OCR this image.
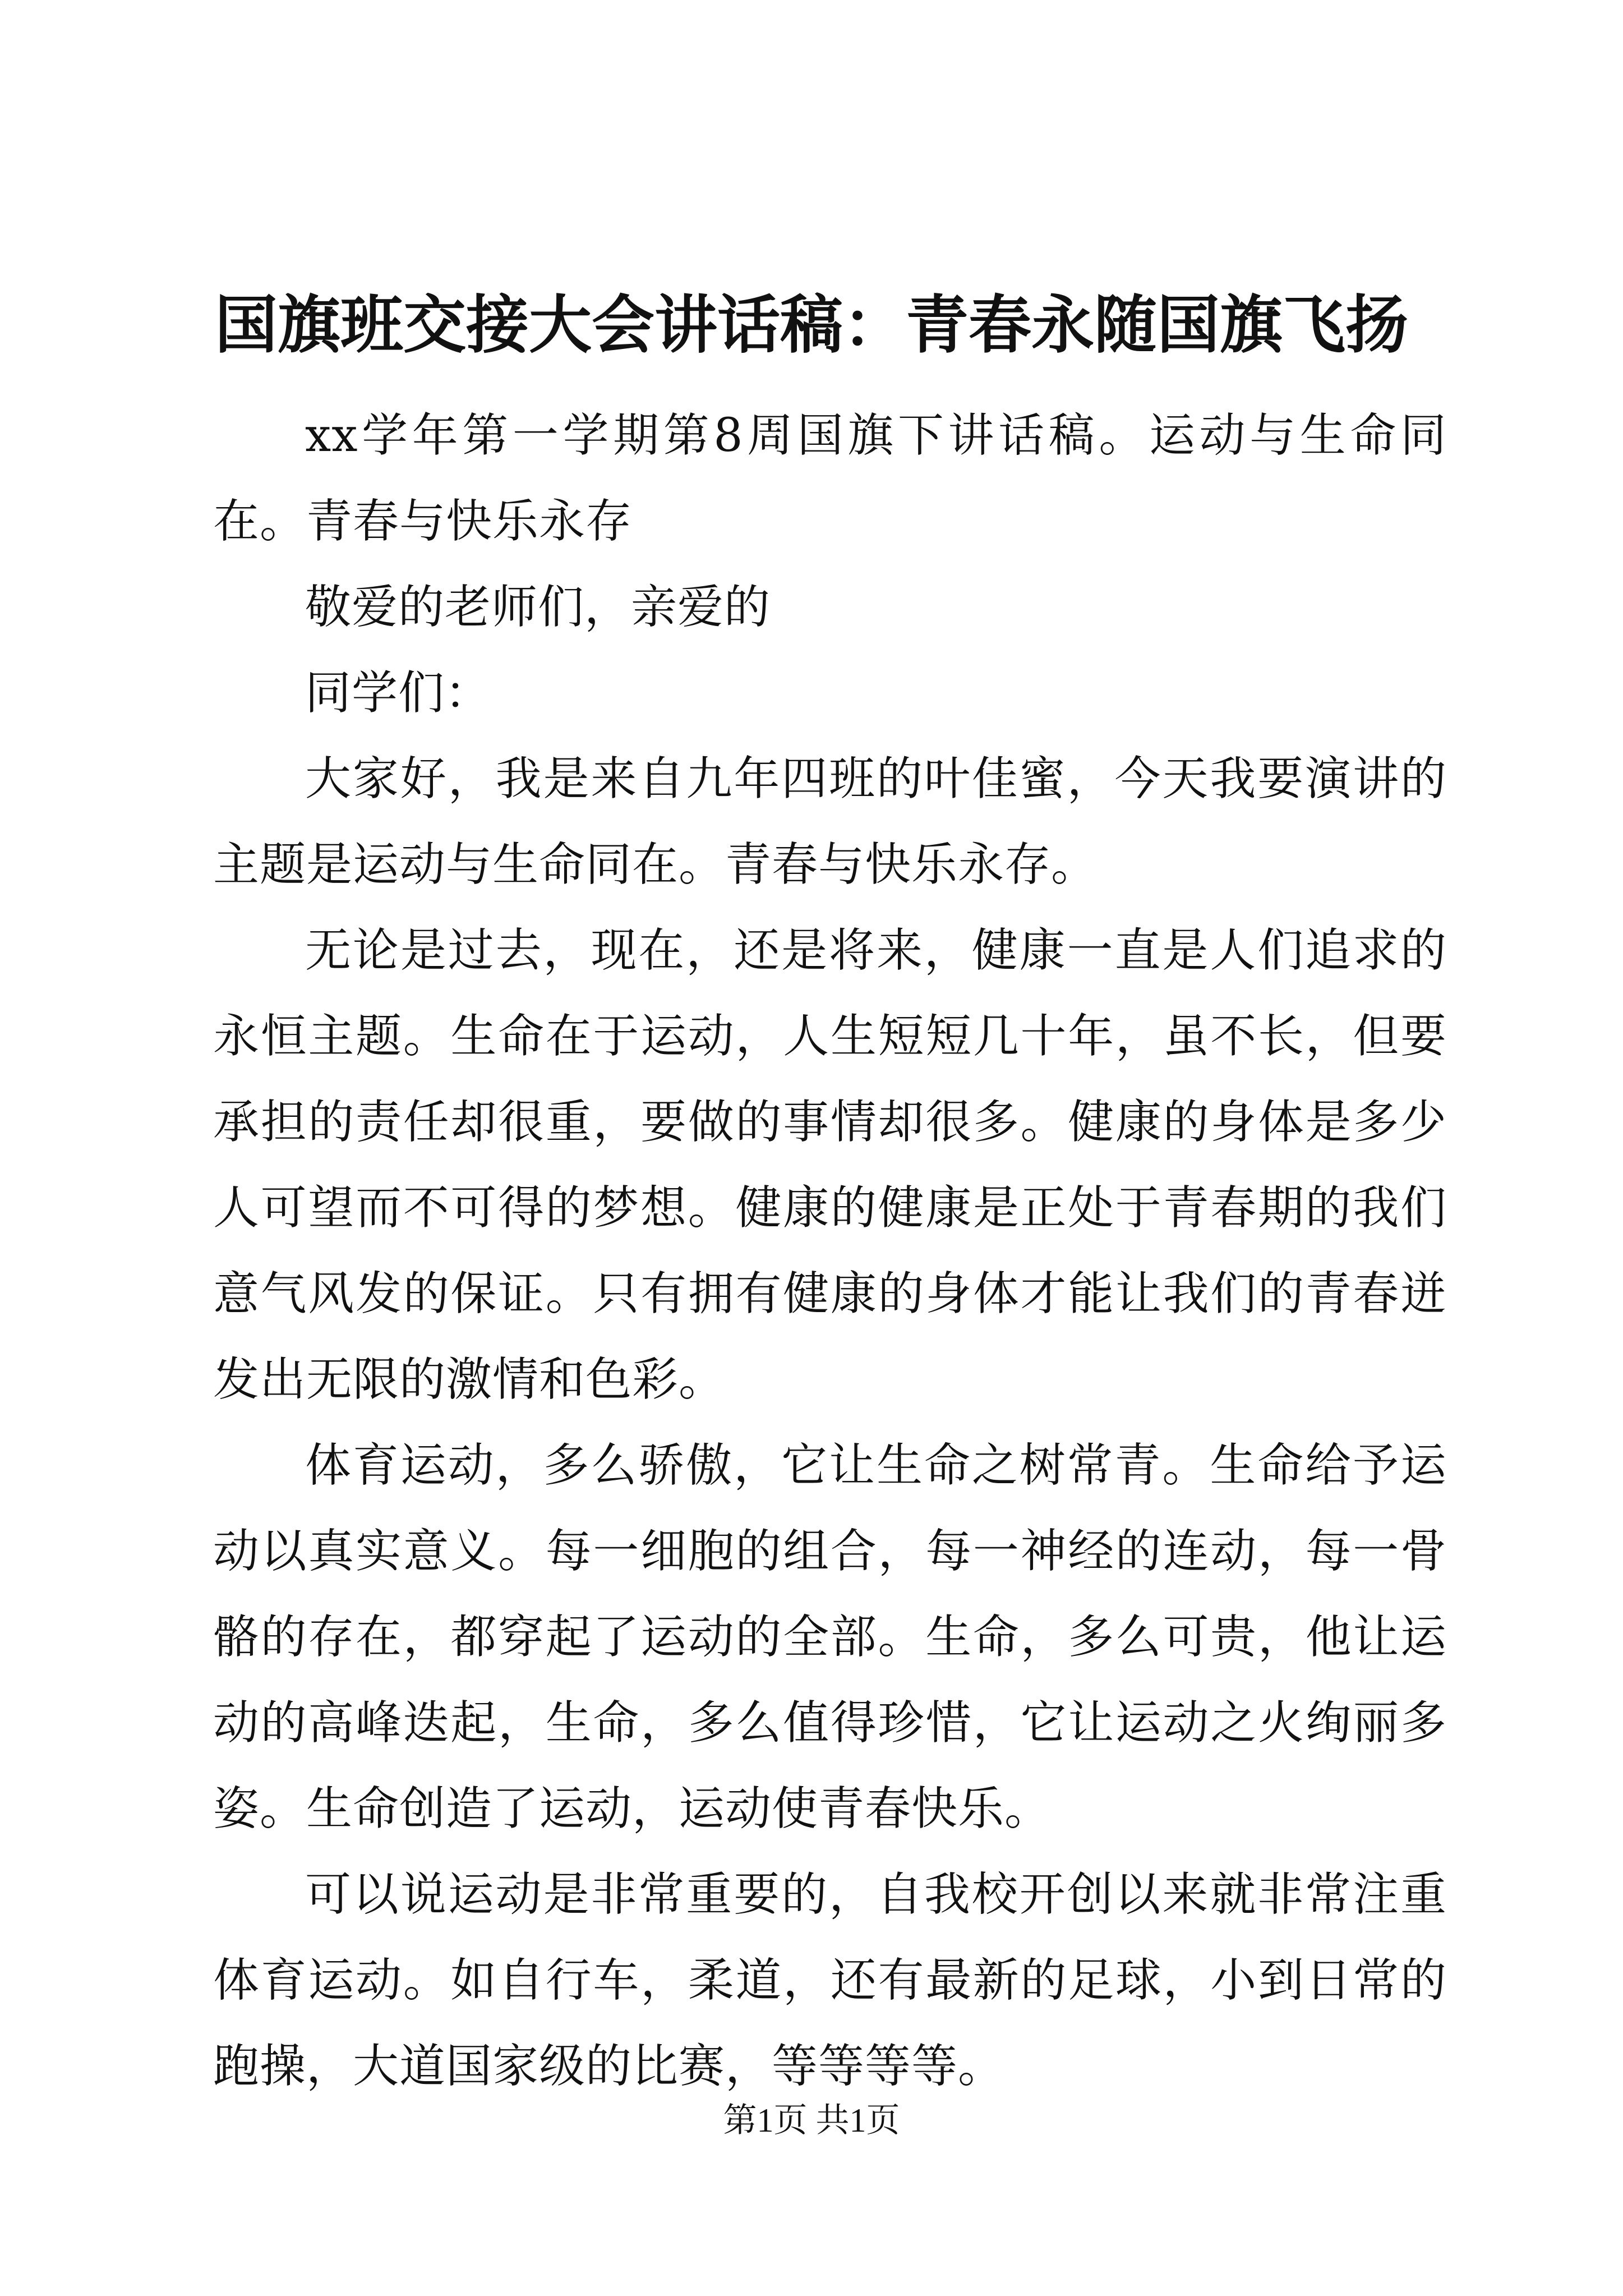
国旗班交接大会讲话稿：青春永随国旗飞扬

xx学年第一学期第8周国旗下讲话稿。运动与生命同在。青春与快乐永存

敬爱的老师们，亲爱的

同学们：

大家好，我是来自九年四班的叶佳蜜，今天我要演讲的主题是运动与生命同在。青春与快乐永存。

无论是过去，现在，还是将来，健康一直是人们追求的永恒主题。生命在于运动，人生短短几十年，虽不长，但要承担的责任却很重，要做的事情却很多。健康的身体是多少人可望而不可得的梦想。健康的健康是正处于青春期的我们意气风发的保证。只有拥有健康的身体才能让我们的青春迸发出无限的激情和色彩。

体育运动，多么骄傲，它让生命之树常青。生命给予运动以真实意义。每一细胞的组合，每一神经的连动，每一骨骼的存在，都穿起了运动的全部。生命，多么可贵，他让运动的高峰迭起，生命，多么值得珍惜，它让运动之火绚丽多姿。生命创造了运动，运动使青春快乐。

可以说运动是非常重要的，自我校开创以来就非常注重体育运动。如自行车，柔道，还有最新的足球，小到日常的跑操，大道国家级的比赛，等等等等。

第1页 共1页
